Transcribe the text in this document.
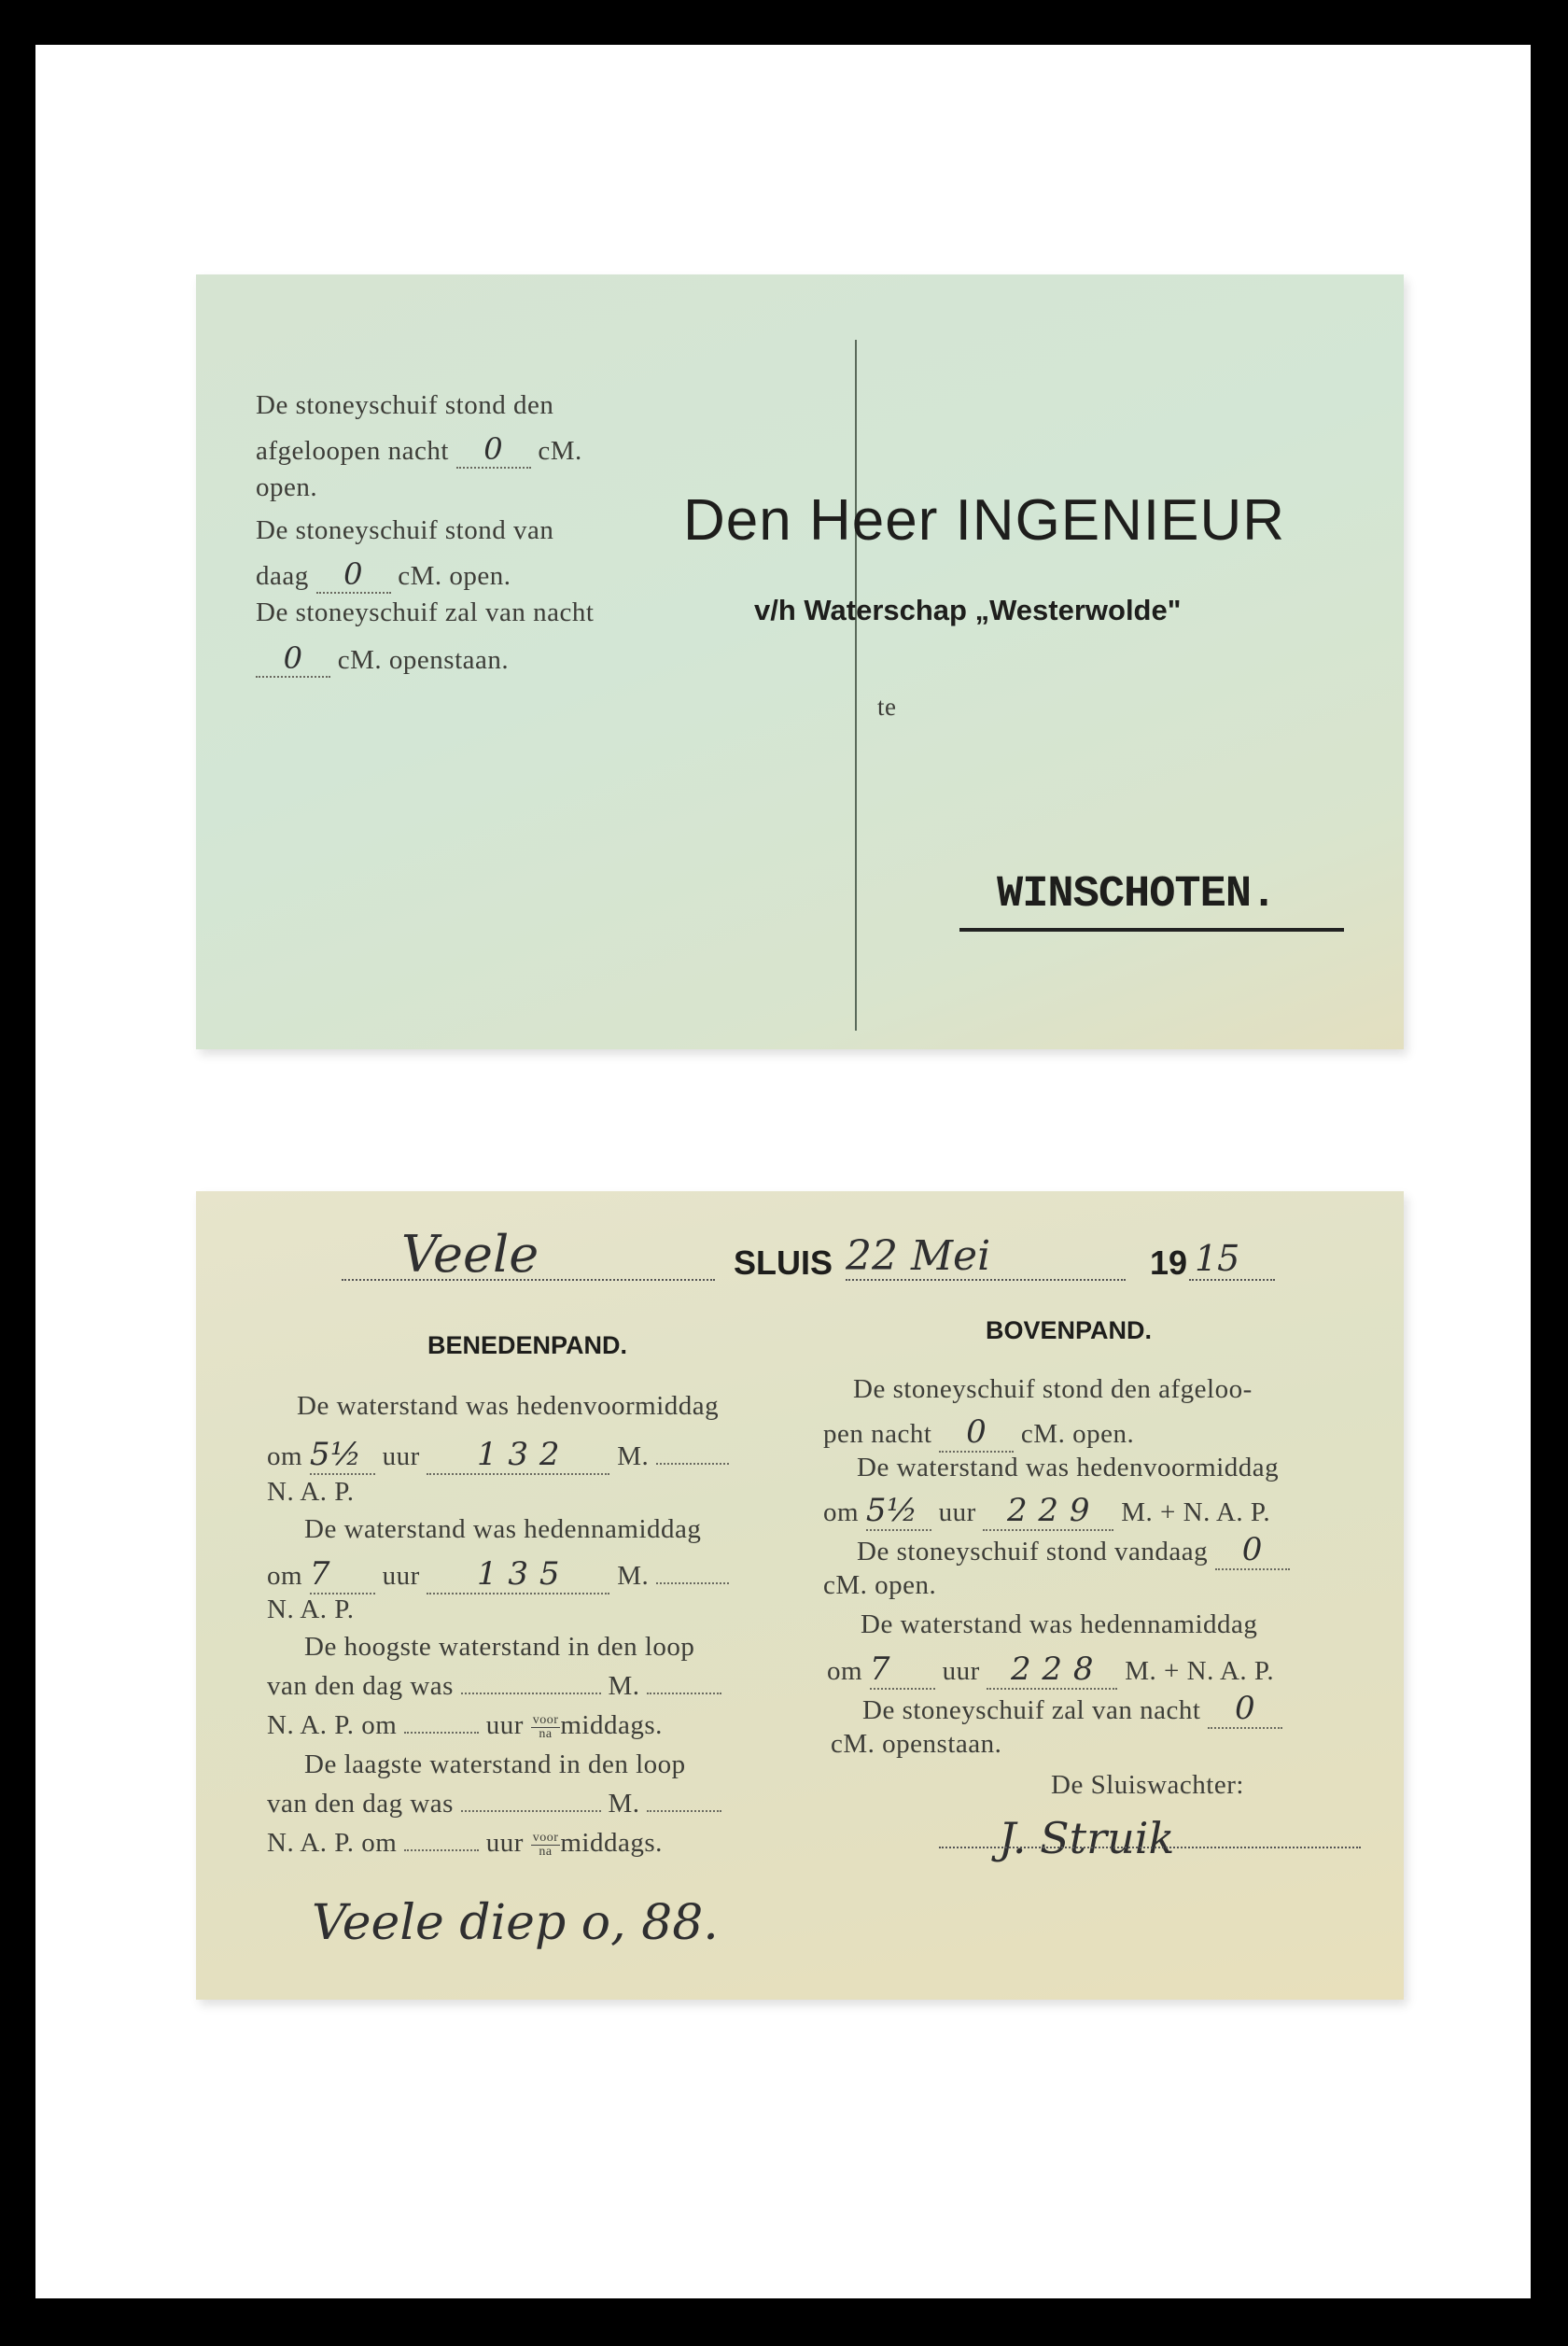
De stoneyschuif stond den
afgeloopen nacht 0 cM.
open.
De stoneyschuif stond van
daag 0 cM. open.
De stoneyschuif zal van nacht
0 cM. openstaan.
Den Heer INGENIEUR
v/h Waterschap „Westerwolde"
te
WINSCHOTEN.
Veele	SLUIS 22 Mei	19 15
BENEDENPAND.
De waterstand was hedenvoormiddag
om 5½ uur 1 3 2 M.
N. A. P.
De waterstand was hedennamiddag
om 7 uur 1 3 5 M.
N. A. P.
De hoogste waterstand in den loop
van den dag was	M.
N. A. P. om	uur $\frac{\text{voor}}{na}$ middags.
De laagste waterstand in den loop
van den dag was	M.
N. A. P. om	uur $\frac{\text{voor}}{na}$ middags.
Veele diep o, 88.
BOVENPAND.
De stoneyschuif stond den afgeloo-
pen nacht 0 cM. open.
De waterstand was hedenvoormiddag
om 5½ uur 2 2 9 M. + N. A. P.
De stoneyschuif stond vandaag 0
cM. open.
De waterstand was hedennamiddag
om 7 uur 2 2 8 M. + N. A. P.
De stoneyschuif zal van nacht 0
cM. openstaan.
De Sluiswachter:
J. Struik
